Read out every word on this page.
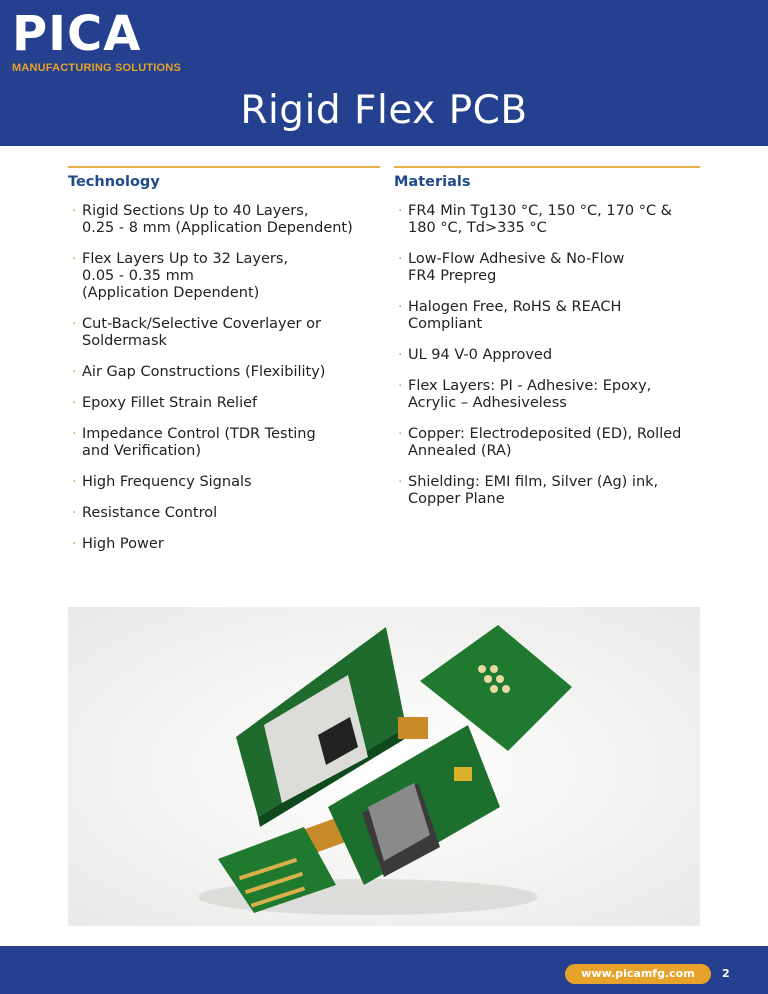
PICA
MANUFACTURING SOLUTIONS
Rigid Flex PCB
Technology
· Rigid Sections Up to 40 Layers,
0.25 - 8 mm (Application Dependent)
· Flex Layers Up to 32 Layers,
0.05 - 0.35 mm
(Application Dependent)
· Cut-Back/Selective Coverlayer or
Soldermask
· Air Gap Constructions (Flexibility)
· Epoxy Fillet Strain Relief
· Impedance Control (TDR Testing
and Verification)
· High Frequency Signals
· Resistance Control
· High Power
Materials
· FR4 Min Tg130 °C, 150 °C, 170 °C &
180 °C, Td>335 °C
· Low-Flow Adhesive & No-Flow
FR4 Prepreg
· Halogen Free, RoHS & REACH
Compliant
· UL 94 V-0 Approved
· Flex Layers: PI - Adhesive: Epoxy,
Acrylic – Adhesiveless
· Copper: Electrodeposited (ED), Rolled
Annealed (RA)
· Shielding: EMI film, Silver (Ag) ink,
Copper Plane
www.picamfg.com	2
